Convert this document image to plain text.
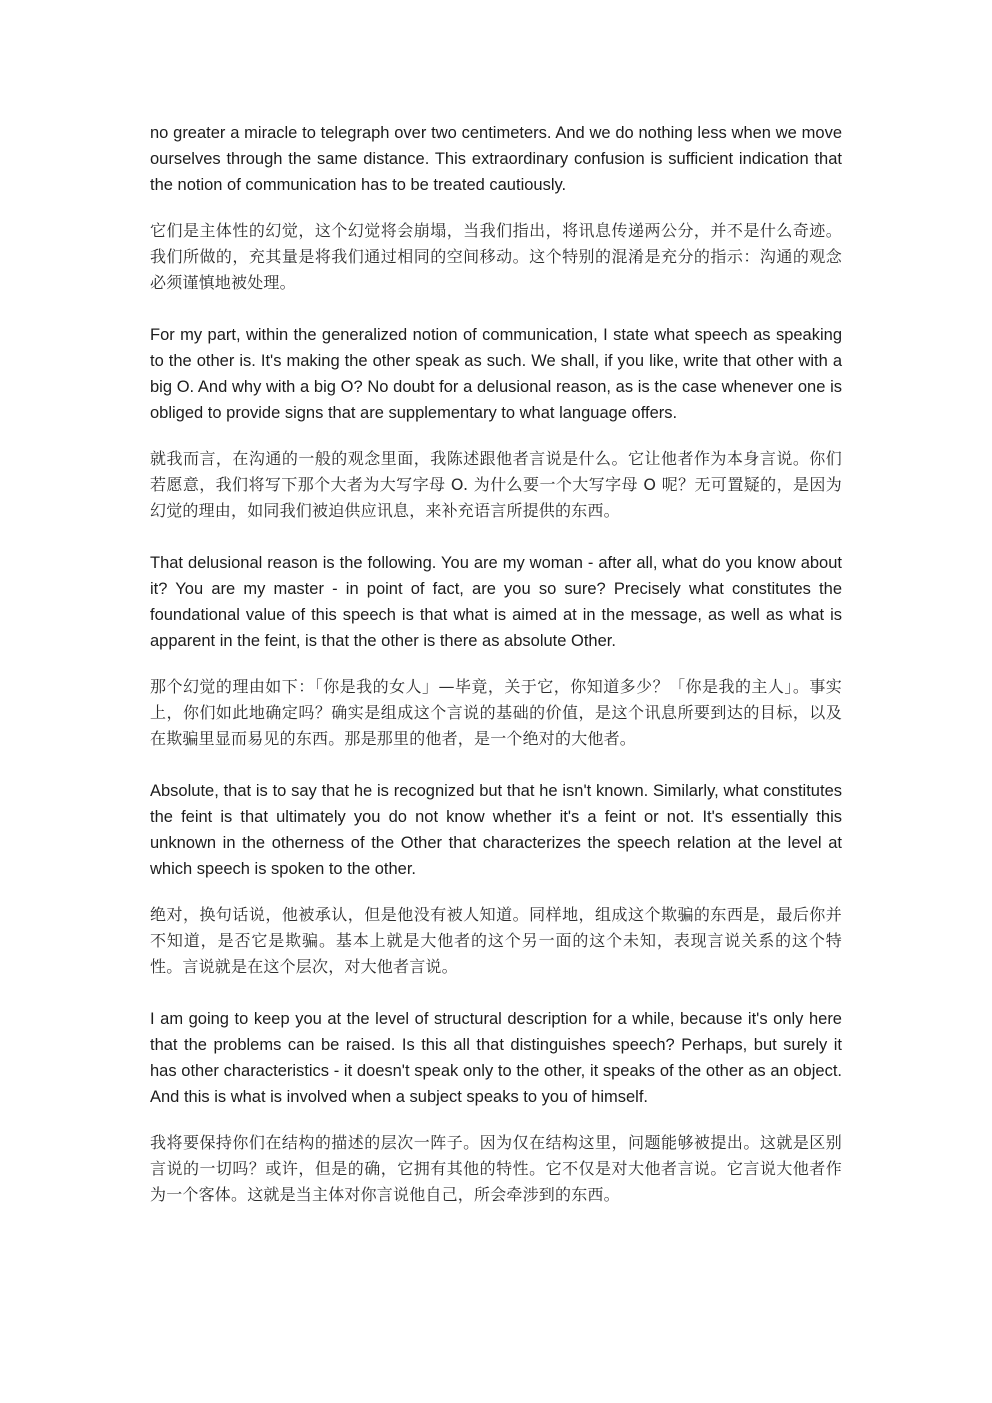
no greater a miracle to telegraph over two centimeters. And we do nothing less when we move ourselves through the same distance. This extraordinary confusion is sufficient indication that the notion of communication has to be treated cautiously.

它们是主体性的幻觉，这个幻觉将会崩塌，当我们指出，将讯息传递两公分，并不是什么奇迹。我们所做的，充其量是将我们通过相同的空间移动。这个特别的混淆是充分的指示：沟通的观念必须谨慎地被处理。

For my part, within the generalized notion of communication, I state what speech as speaking to the other is. It's making the other speak as such. We shall, if you like, write that other with a big O. And why with a big O? No doubt for a delusional reason, as is the case whenever one is obliged to provide signs that are supplementary to what language offers.

就我而言，在沟通的一般的观念里面，我陈述跟他者言说是什么。它让他者作为本身言说。你们若愿意，我们将写下那个大者为大写字母 O. 为什么要一个大写字母 O 呢？无可置疑的，是因为幻觉的理由，如同我们被迫供应讯息，来补充语言所提供的东西。

That delusional reason is the following. You are my woman - after all, what do you know about it? You are my master - in point of fact, are you so sure? Precisely what constitutes the foundational value of this speech is that what is aimed at in the message, as well as what is apparent in the feint, is that the other is there as absolute Other.

那个幻觉的理由如下：「你是我的女人」—毕竟，关于它，你知道多少？「你是我的主人」。事实上，你们如此地确定吗？确实是组成这个言说的基础的价值，是这个讯息所要到达的目标，以及在欺骗里显而易见的东西。那是那里的他者，是一个绝对的大他者。

Absolute, that is to say that he is recognized but that he isn't known. Similarly, what constitutes the feint is that ultimately you do not know whether it's a feint or not. It's essentially this unknown in the otherness of the Other that characterizes the speech relation at the level at which speech is spoken to the other.

绝对，换句话说，他被承认，但是他没有被人知道。同样地，组成这个欺骗的东西是，最后你并不知道，是否它是欺骗。基本上就是大他者的这个另一面的这个未知，表现言说关系的这个特性。言说就是在这个层次，对大他者言说。

I am going to keep you at the level of structural description for a while, because it's only here that the problems can be raised. Is this all that distinguishes speech? Perhaps, but surely it has other characteristics - it doesn't speak only to the other, it speaks of the other as an object. And this is what is involved when a subject speaks to you of himself.

我将要保持你们在结构的描述的层次一阵子。因为仅在结构这里，问题能够被提出。这就是区别言说的一切吗？或许，但是的确，它拥有其他的特性。它不仅是对大他者言说。它言说大他者作为一个客体。这就是当主体对你言说他自己，所会牵涉到的东西。
